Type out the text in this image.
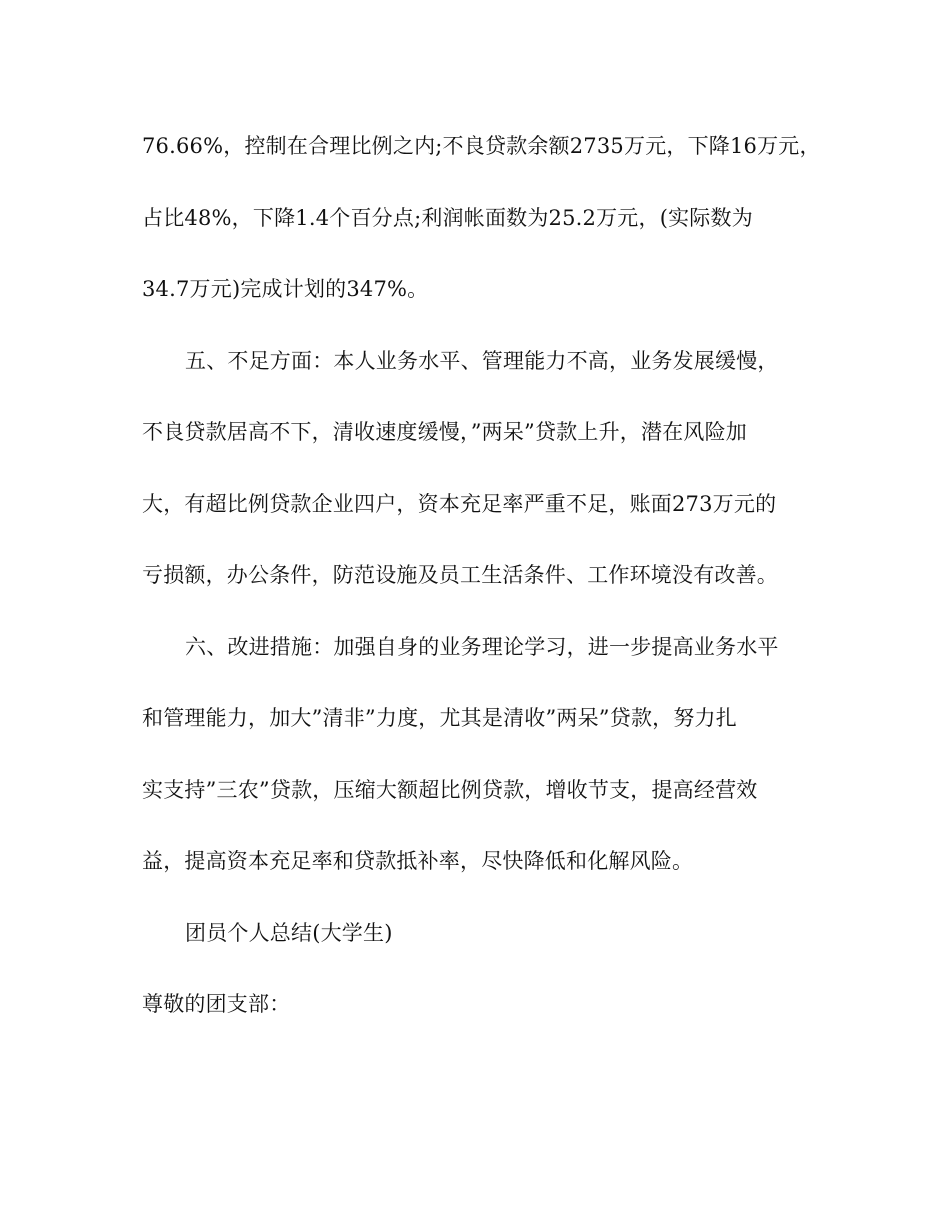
76.66%，控制在合理比例之内;不良贷款余额2735万元，下降16万元，
占比48%，下降1.4个百分点;利润帐面数为25.2万元，(实际数为
34.7万元)完成计划的347%。
五、不足方面：本人业务水平、管理能力不高，业务发展缓慢，
不良贷款居高不下，清收速度缓慢，”两呆”贷款上升，潜在风险加
大，有超比例贷款企业四户，资本充足率严重不足，账面273万元的
亏损额，办公条件，防范设施及员工生活条件、工作环境没有改善。
六、改进措施：加强自身的业务理论学习，进一步提高业务水平
和管理能力，加大”清非”力度，尤其是清收”两呆”贷款，努力扎
实支持”三农”贷款，压缩大额超比例贷款，增收节支，提高经营效
益，提高资本充足率和贷款抵补率，尽快降低和化解风险。
团员个人总结(大学生)
尊敬的团支部：
